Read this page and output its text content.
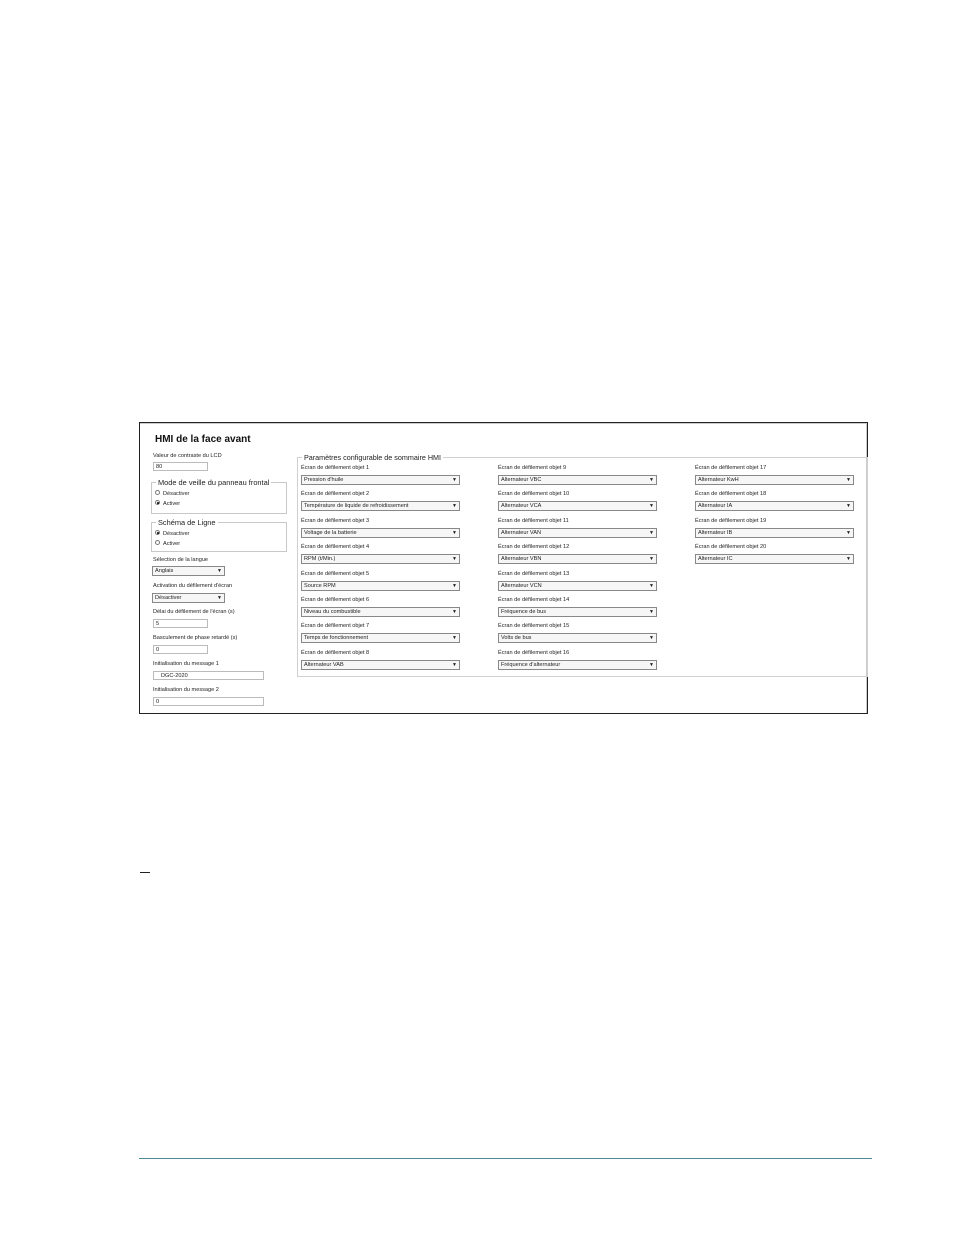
HMI de la face avant
Valeur de contraste du LCD
80
Mode de veille du panneau frontal
Désactiver
Activer
Schéma de Ligne
Désactiver
Activer
Sélection de la langue
Anglais	▼
Activation du défilement d'écran
Désactiver	▼
Délai du défilement de l'écran (s)
5
Basculement de phase retardé (s)
0
Initialisation du message 1
DGC-2020
Initialisation du message 2
0
Paramètres configurable de sommaire HMI
Écran de défilement objet 1
Pression d'huile	▼
Écran de défilement objet 2
Température de liquide de refroidissement	▼
Écran de défilement objet 3
Voltage de la batterie	▼
Écran de défilement objet 4
RPM (t/Min.)	▼
Écran de défilement objet 5
Source RPM	▼
Écran de défilement objet 6
Niveau du combustible	▼
Écran de défilement objet 7
Temps de fonctionnement	▼
Écran de défilement objet 8
Alternateur VAB	▼
Écran de défilement objet 9
Alternateur VBC	▼
Écran de défilement objet 10
Alternateur VCA	▼
Écran de défilement objet 11
Alternateur VAN	▼
Écran de défilement objet 12
Alternateur VBN	▼
Écran de défilement objet 13
Alternateur VCN	▼
Écran de défilement objet 14
Fréquence de bus	▼
Écran de défilement objet 15
Volts de bus	▼
Écran de défilement objet 16
Fréquence d'alternateur	▼
Écran de défilement objet 17
Alternateur KwH	▼
Écran de défilement objet 18
Alternateur IA	▼
Écran de défilement objet 19
Alternateur IB	▼
Écran de défilement objet 20
Alternateur IC	▼
